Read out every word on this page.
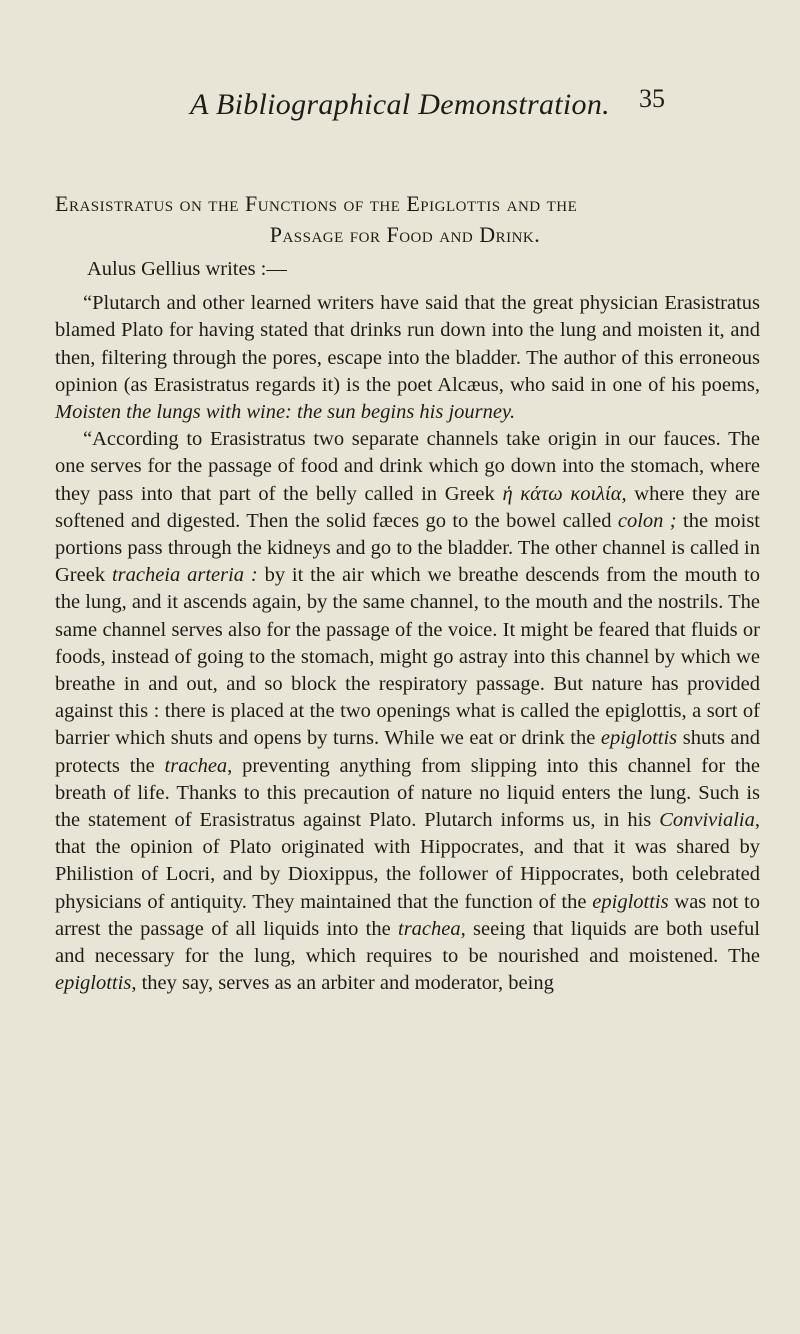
A Bibliographical Demonstration.	35
Erasistratus on the Functions of the Epiglottis and the
Passage for Food and Drink.

Aulus Gellius writes :—

“Plutarch and other learned writers have said that the great physician Erasistratus blamed Plato for having stated that drinks run down into the lung and moisten it, and then, filtering through the pores, escape into the bladder. The author of this erroneous opinion (as Erasistratus regards it) is the poet Alcæus, who said in one of his poems, Moisten the lungs with wine: the sun begins his journey.

“According to Erasistratus two separate channels take origin in our fauces. The one serves for the passage of food and drink which go down into the stomach, where they pass into that part of the belly called in Greek ἡ κάτω κοιλία, where they are softened and digested. Then the solid fæces go to the bowel called colon ; the moist portions pass through the kidneys and go to the bladder. The other channel is called in Greek tracheia arteria : by it the air which we breathe descends from the mouth to the lung, and it ascends again, by the same channel, to the mouth and the nostrils. The same channel serves also for the passage of the voice. It might be feared that fluids or foods, instead of going to the stomach, might go astray into this channel by which we breathe in and out, and so block the respiratory passage. But nature has provided against this : there is placed at the two openings what is called the epiglottis, a sort of barrier which shuts and opens by turns. While we eat or drink the epiglottis shuts and protects the trachea, preventing anything from slipping into this channel for the breath of life. Thanks to this precaution of nature no liquid enters the lung. Such is the statement of Erasistratus against Plato. Plutarch informs us, in his Convivialia, that the opinion of Plato originated with Hippocrates, and that it was shared by Philistion of Locri, and by Dioxippus, the follower of Hippocrates, both celebrated physicians of antiquity. They maintained that the function of the epiglottis was not to arrest the passage of all liquids into the trachea, seeing that liquids are both useful and necessary for the lung, which requires to be nourished and moistened. The epiglottis, they say, serves as an arbiter and moderator, being
